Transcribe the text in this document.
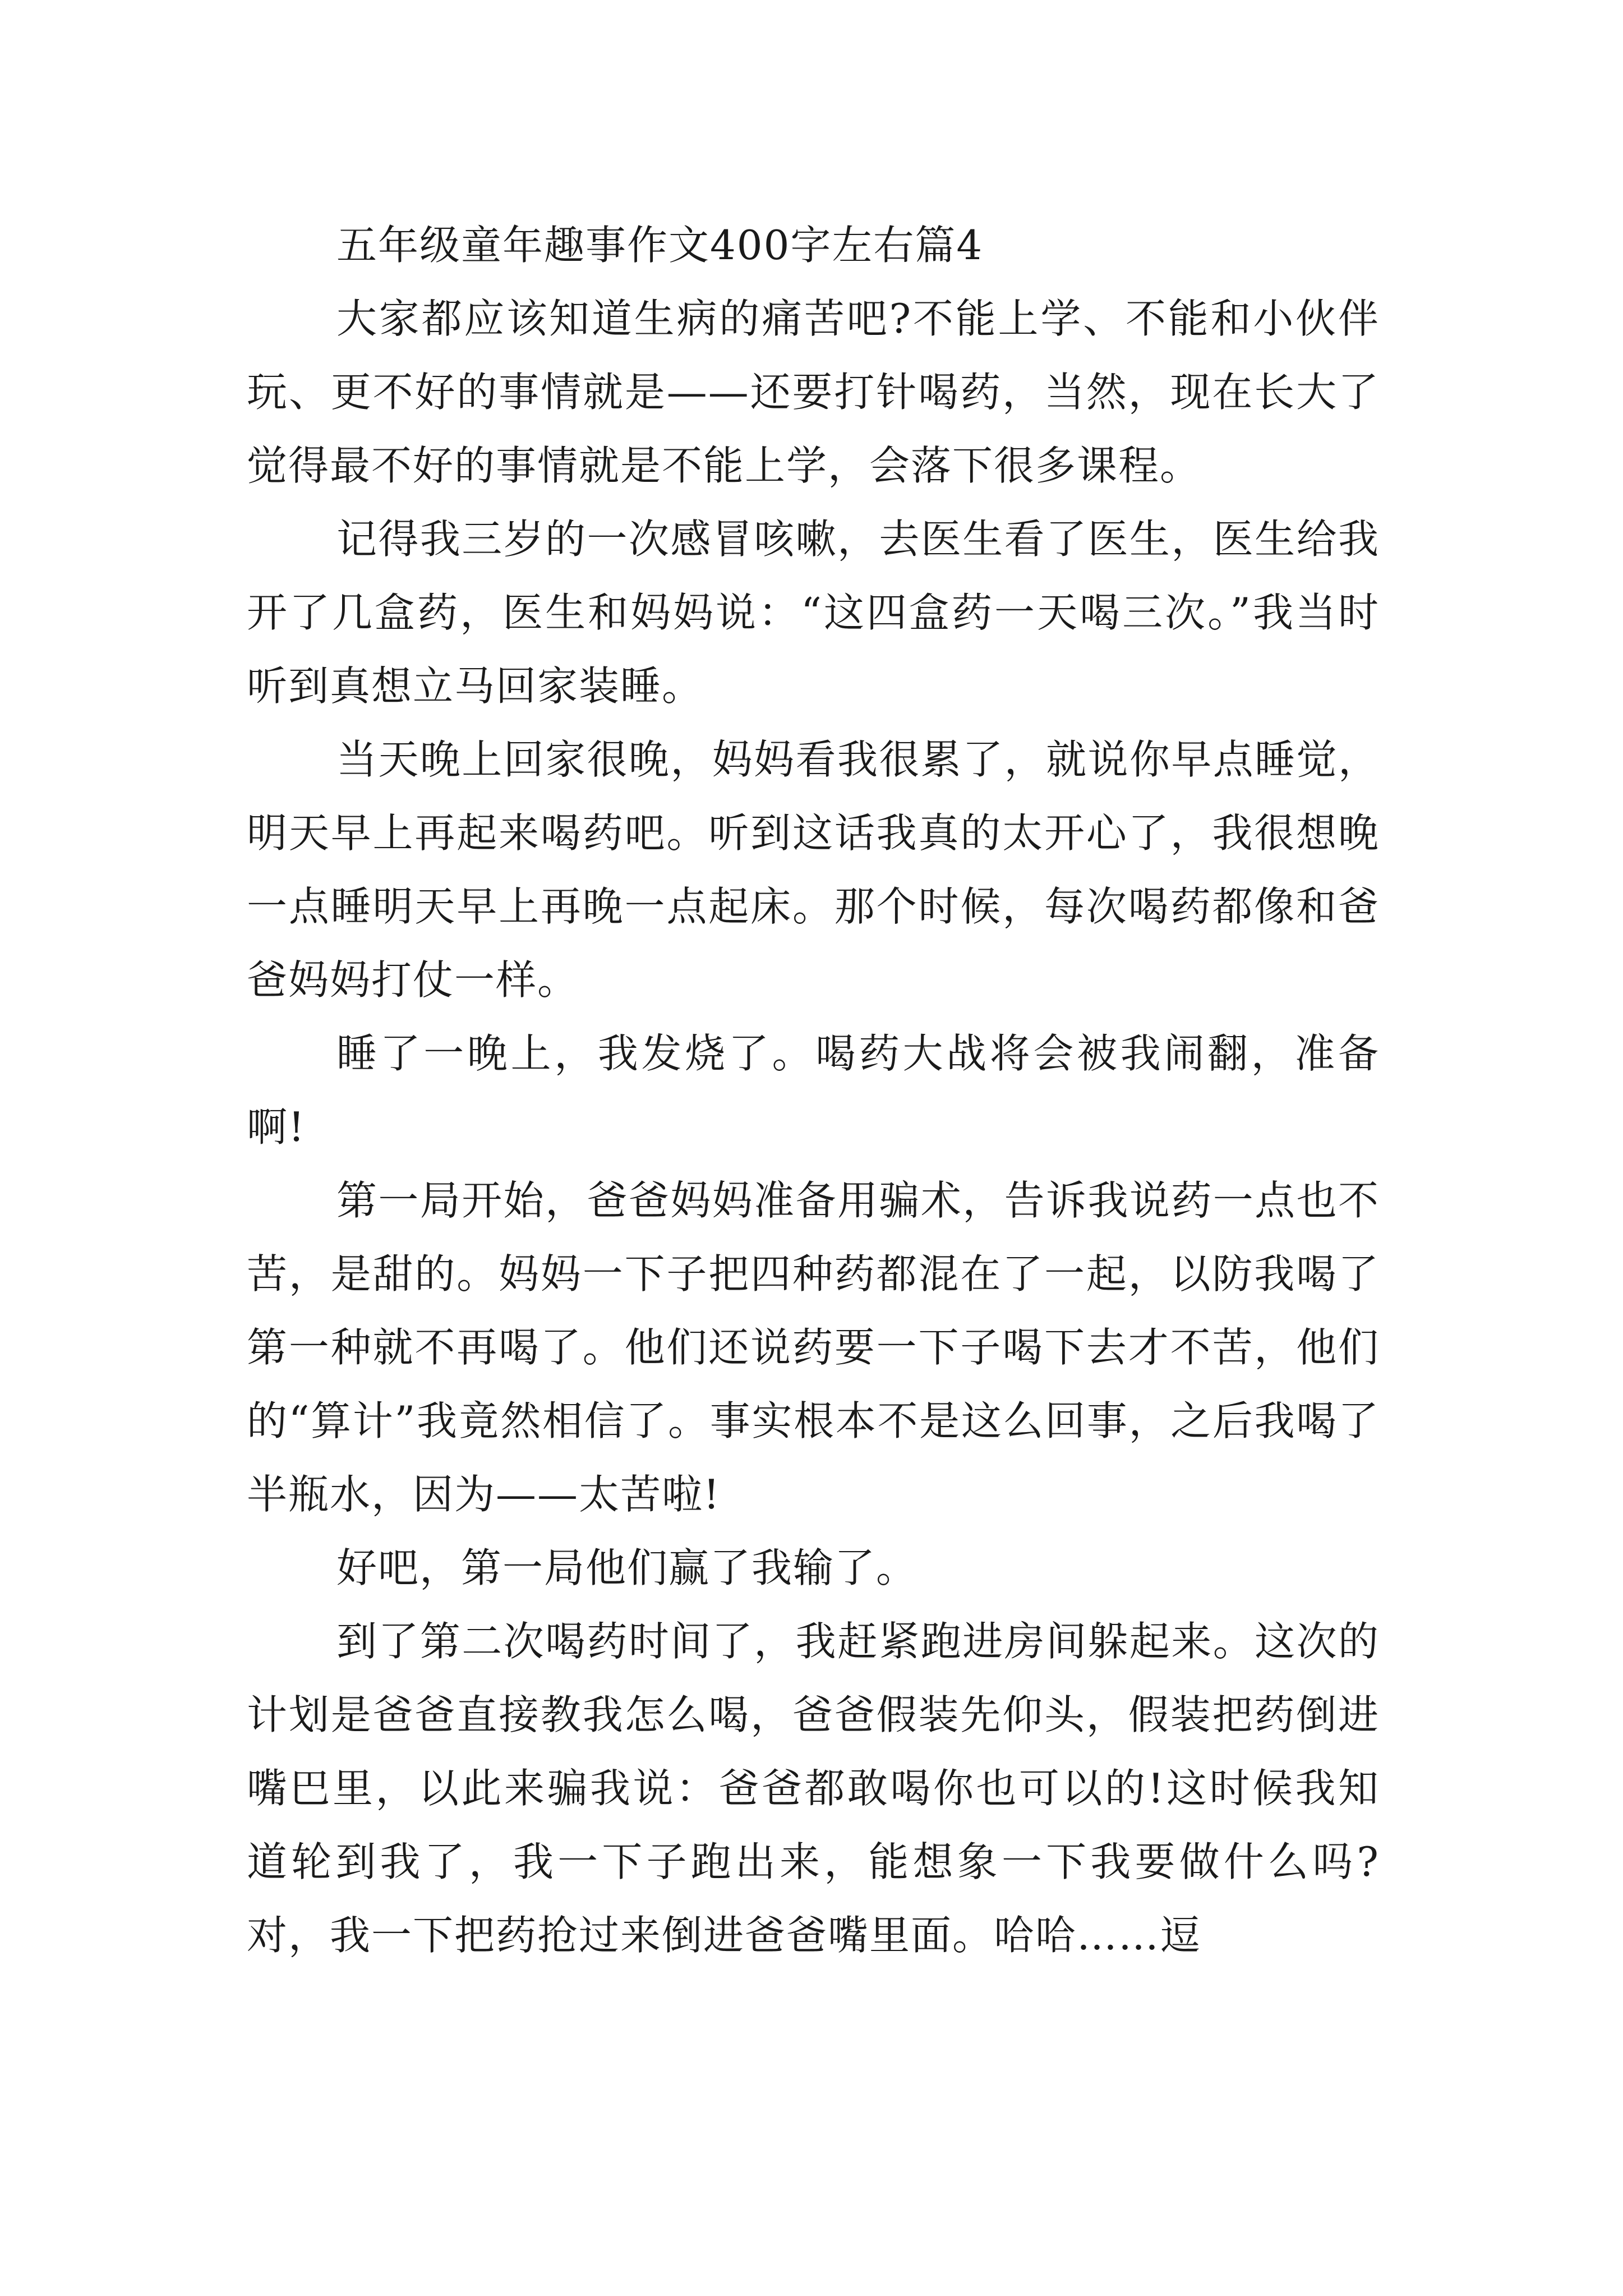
五年级童年趣事作文400字左右篇4

大家都应该知道生病的痛苦吧?不能上学、不能和小伙伴玩、更不好的事情就是——还要打针喝药，当然，现在长大了觉得最不好的事情就是不能上学，会落下很多课程。

记得我三岁的一次感冒咳嗽，去医生看了医生，医生给我开了几盒药，医生和妈妈说：“这四盒药一天喝三次。”我当时听到真想立马回家装睡。

当天晚上回家很晚，妈妈看我很累了，就说你早点睡觉，明天早上再起来喝药吧。听到这话我真的太开心了，我很想晚一点睡明天早上再晚一点起床。那个时候，每次喝药都像和爸爸妈妈打仗一样。

睡了一晚上，我发烧了。喝药大战将会被我闹翻，准备啊!

第一局开始，爸爸妈妈准备用骗术，告诉我说药一点也不苦，是甜的。妈妈一下子把四种药都混在了一起，以防我喝了第一种就不再喝了。他们还说药要一下子喝下去才不苦，他们的“算计”我竟然相信了。事实根本不是这么回事，之后我喝了半瓶水，因为——太苦啦!

好吧，第一局他们赢了我输了。

到了第二次喝药时间了，我赶紧跑进房间躲起来。这次的计划是爸爸直接教我怎么喝，爸爸假装先仰头，假装把药倒进嘴巴里，以此来骗我说：爸爸都敢喝你也可以的!这时候我知道轮到我了，我一下子跑出来，能想象一下我要做什么吗?对，我一下把药抢过来倒进爸爸嘴里面。哈哈……逗
